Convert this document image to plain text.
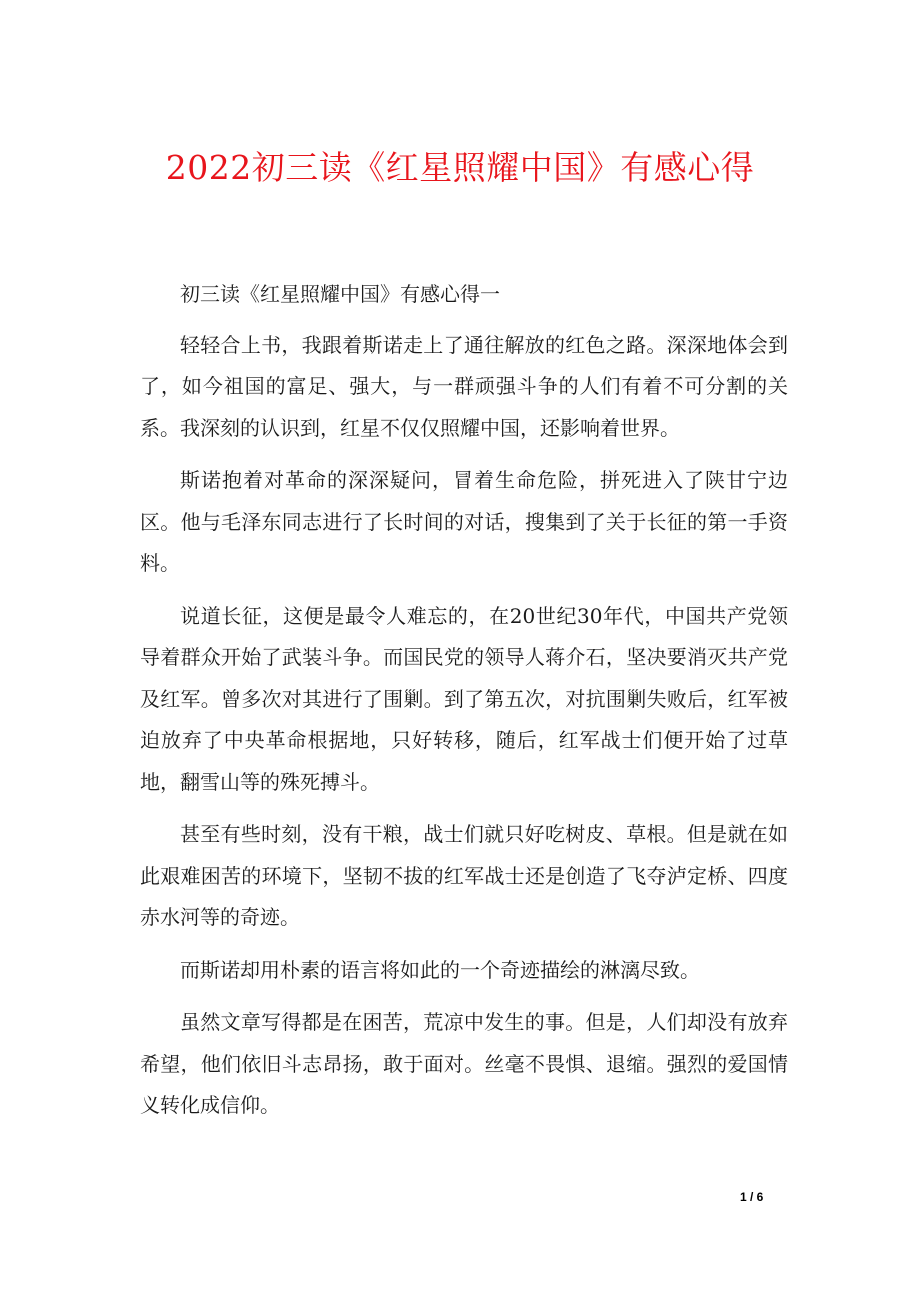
2022初三读《红星照耀中国》有感心得

初三读《红星照耀中国》有感心得一

轻轻合上书，我跟着斯诺走上了通往解放的红色之路。深深地体会到了，如今祖国的富足、强大，与一群顽强斗争的人们有着不可分割的关系。我深刻的认识到，红星不仅仅照耀中国，还影响着世界。

斯诺抱着对革命的深深疑问，冒着生命危险，拼死进入了陕甘宁边区。他与毛泽东同志进行了长时间的对话，搜集到了关于长征的第一手资料。

说道长征，这便是最令人难忘的，在20世纪30年代，中国共产党领导着群众开始了武装斗争。而国民党的领导人蒋介石，坚决要消灭共产党及红军。曾多次对其进行了围剿。到了第五次，对抗围剿失败后，红军被迫放弃了中央革命根据地，只好转移，随后，红军战士们便开始了过草地，翻雪山等的殊死搏斗。

甚至有些时刻，没有干粮，战士们就只好吃树皮、草根。但是就在如此艰难困苦的环境下，坚韧不拔的红军战士还是创造了飞夺泸定桥、四度赤水河等的奇迹。

而斯诺却用朴素的语言将如此的一个奇迹描绘的淋漓尽致。

虽然文章写得都是在困苦，荒凉中发生的事。但是，人们却没有放弃希望，他们依旧斗志昂扬，敢于面对。丝毫不畏惧、退缩。强烈的爱国情义转化成信仰。

1 / 6
